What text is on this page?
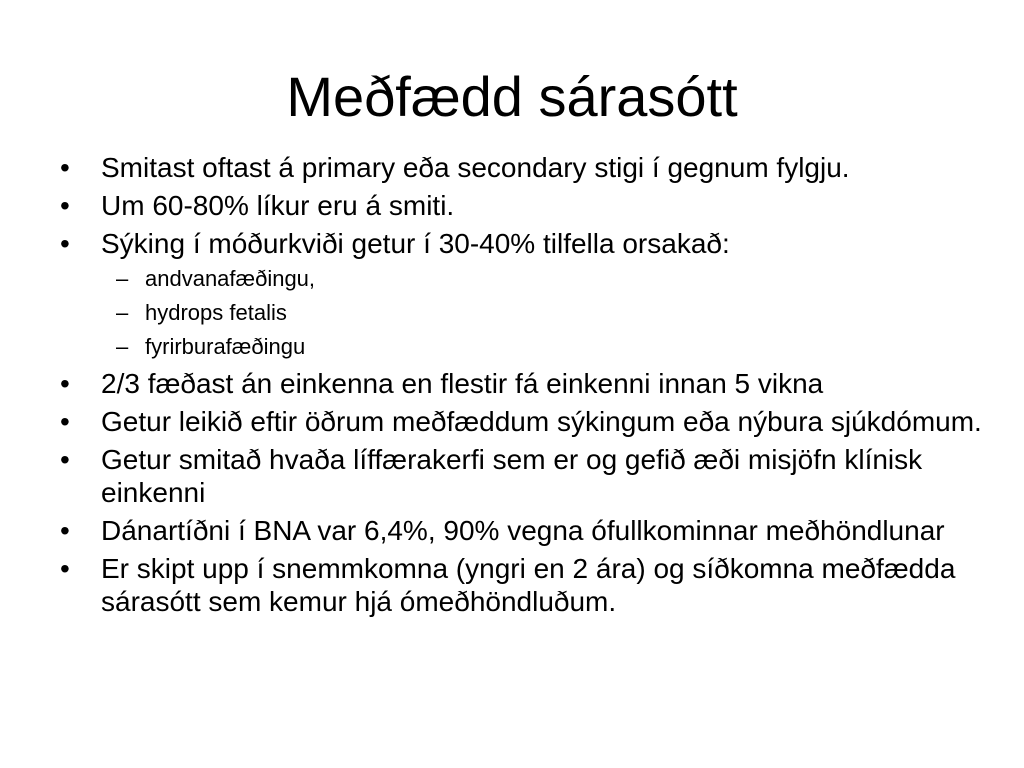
Meðfædd sárasótt
• Smitast oftast á primary eða secondary stigi í gegnum fylgju.
• Um 60-80% líkur eru á smiti.
• Sýking í móðurkviði getur í 30-40% tilfella orsakað:
– andvanafæðingu,
– hydrops fetalis
– fyrirburafæðingu
• 2/3 fæðast án einkenna en flestir fá einkenni innan 5 vikna
• Getur leikið eftir öðrum meðfæddum sýkingum eða nýbura sjúkdómum.
• Getur smitað hvaða líffærakerfi sem er og gefið æði misjöfn klínisk einkenni
• Dánartíðni í BNA var 6,4%, 90% vegna ófullkominnar meðhöndlunar
• Er skipt upp í snemmkomna (yngri en 2 ára) og síðkomna meðfædda sárasótt sem kemur hjá ómeðhöndluðum.
